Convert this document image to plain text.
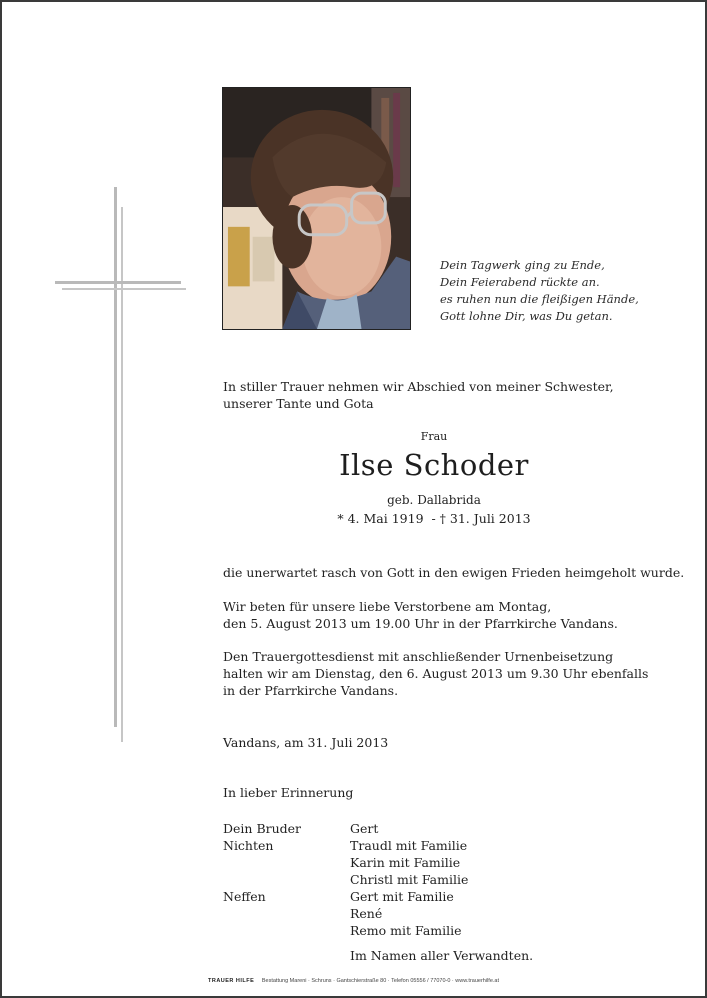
Dein Tagwerk ging zu Ende,
Dein Feierabend rückte an.
es ruhen nun die fleißigen Hände,
Gott lohne Dir, was Du getan.
In stiller Trauer nehmen wir Abschied von meiner Schwester,
unserer Tante und Gota
Frau
Ilse Schoder
geb. Dallabrida
* 4. Mai 1919  - † 31. Juli 2013
die unerwartet rasch von Gott in den ewigen Frieden heimgeholt wurde.
Wir beten für unsere liebe Verstorbene am Montag,
den 5. August 2013 um 19.00 Uhr in der Pfarrkirche Vandans.
Den Trauergottesdienst mit anschließender Urnenbeisetzung
halten wir am Dienstag, den 6. August 2013 um 9.30 Uhr ebenfalls
in der Pfarrkirche Vandans.
Vandans, am 31. Juli 2013
In lieber Erinnerung
Dein Bruder	Gert
Nichten	Traudl mit Familie
Karin mit Familie
Christl mit Familie
Neffen	Gert mit Familie
René
Remo mit Familie
Im Namen aller Verwandten.
TRAUER HILFE Bestattung Mareni · Schruns · Gantschierstraße 80 · Telefon 05556 / 77070-0 · www.trauerhilfe.at
